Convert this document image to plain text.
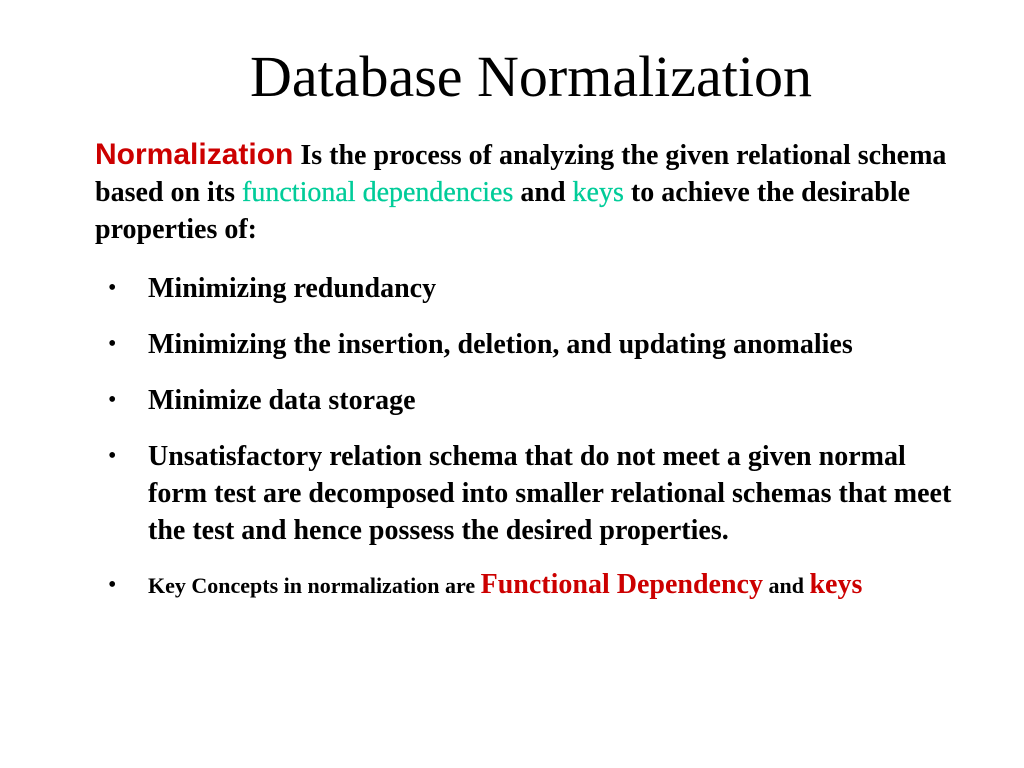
Database Normalization
Normalization Is the process of analyzing the given relational schema based on its functional dependencies and keys to achieve the desirable properties of:
• Minimizing redundancy
• Minimizing the insertion, deletion, and updating anomalies
• Minimize data storage
• Unsatisfactory relation schema that do not meet a given normal form test are decomposed into smaller relational schemas that meet the test and hence possess the desired properties.
• Key Concepts in normalization are Functional Dependency and keys
